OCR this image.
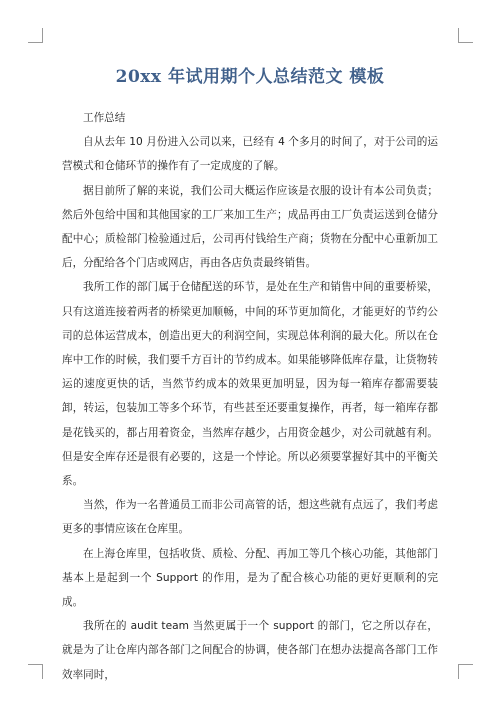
20xx 年试用期个人总结范文 模板

工作总结

自从去年 10 月份进入公司以来，已经有 4 个多月的时间了，对于公司的运营模式和仓储环节的操作有了一定成度的了解。

据目前所了解的来说，我们公司大概运作应该是衣服的设计有本公司负责；然后外包给中国和其他国家的工厂来加工生产；成品再由工厂负责运送到仓储分配中心；质检部门检验通过后，公司再付钱给生产商；货物在分配中心重新加工后，分配给各个门店或网店，再由各店负责最终销售。

我所工作的部门属于仓储配送的环节，是处在生产和销售中间的重要桥梁，只有这道连接着两者的桥梁更加顺畅，中间的环节更加简化，才能更好的节约公司的总体运营成本，创造出更大的利润空间，实现总体利润的最大化。所以在仓库中工作的时候，我们要千方百计的节约成本。如果能够降低库存量，让货物转运的速度更快的话，当然节约成本的效果更加明显，因为每一箱库存都需要装卸，转运，包装加工等多个环节，有些甚至还要重复操作，再者，每一箱库存都是花钱买的，都占用着资金，当然库存越少，占用资金越少，对公司就越有利。但是安全库存还是很有必要的，这是一个悖论。所以必须要掌握好其中的平衡关系。

当然，作为一名普通员工而非公司高管的话，想这些就有点远了，我们考虑更多的事情应该在仓库里。

在上海仓库里，包括收货、质检、分配、再加工等几个核心功能，其他部门基本上是起到一个 Support 的作用，是为了配合核心功能的更好更顺利的完成。

我所在的 audit team 当然更属于一个 support 的部门，它之所以存在，就是为了让仓库内部各部门之间配合的协调，使各部门在想办法提高各部门工作效率同时，
